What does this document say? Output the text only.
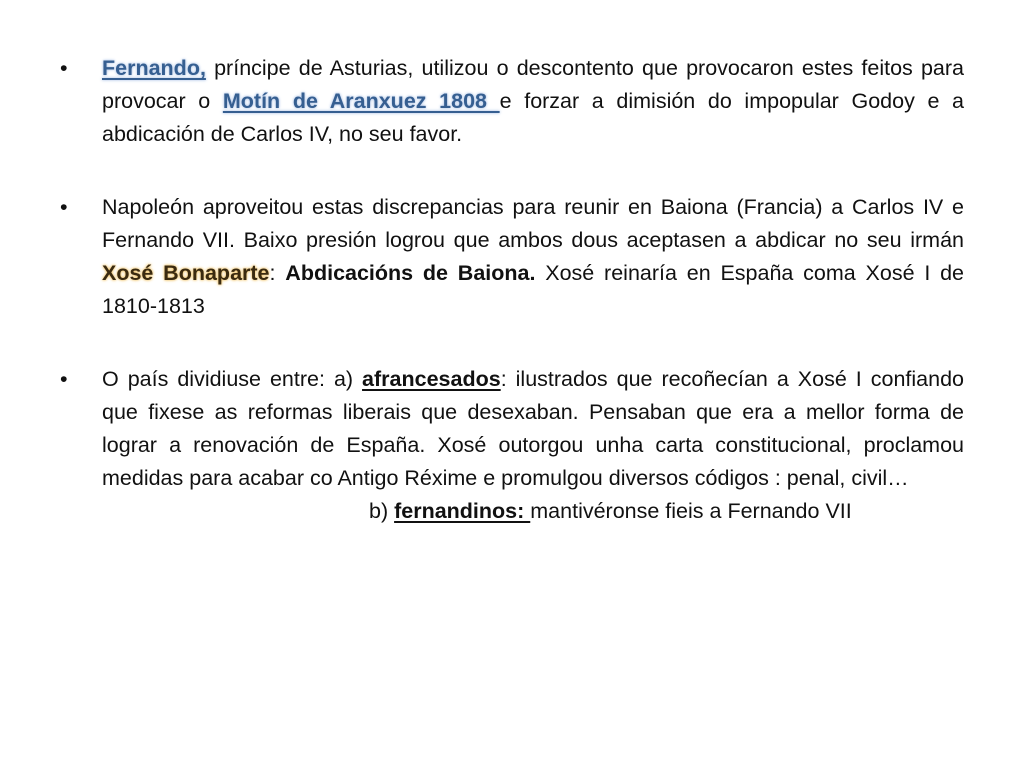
• Fernando, príncipe de Asturias, utilizou o descontento que provocaron estes feitos para provocar o Motín de Aranxuez 1808 e forzar a dimisión do impopular Godoy e a abdicación de Carlos IV, no seu favor.
• Napoleón aproveitou estas discrepancias para reunir en Baiona (Francia) a Carlos IV e Fernando VII. Baixo presión logrou que ambos dous aceptasen a abdicar no seu irmán Xosé Bonaparte: Abdicacións de Baiona. Xosé reinaría en España coma Xosé I de 1810-1813
• O país dividiuse entre: a) afrancesados: ilustrados que recoñecían a Xosé I confiando que fixese as reformas liberais que desexaban. Pensaban que era a mellor forma de lograr a renovación de España. Xosé outorgou unha carta constitucional, proclamou medidas para acabar co Antigo Réxime e promulgou diversos códigos : penal, civil…
b) fernandinos: mantivéronse fieis a Fernando VII
